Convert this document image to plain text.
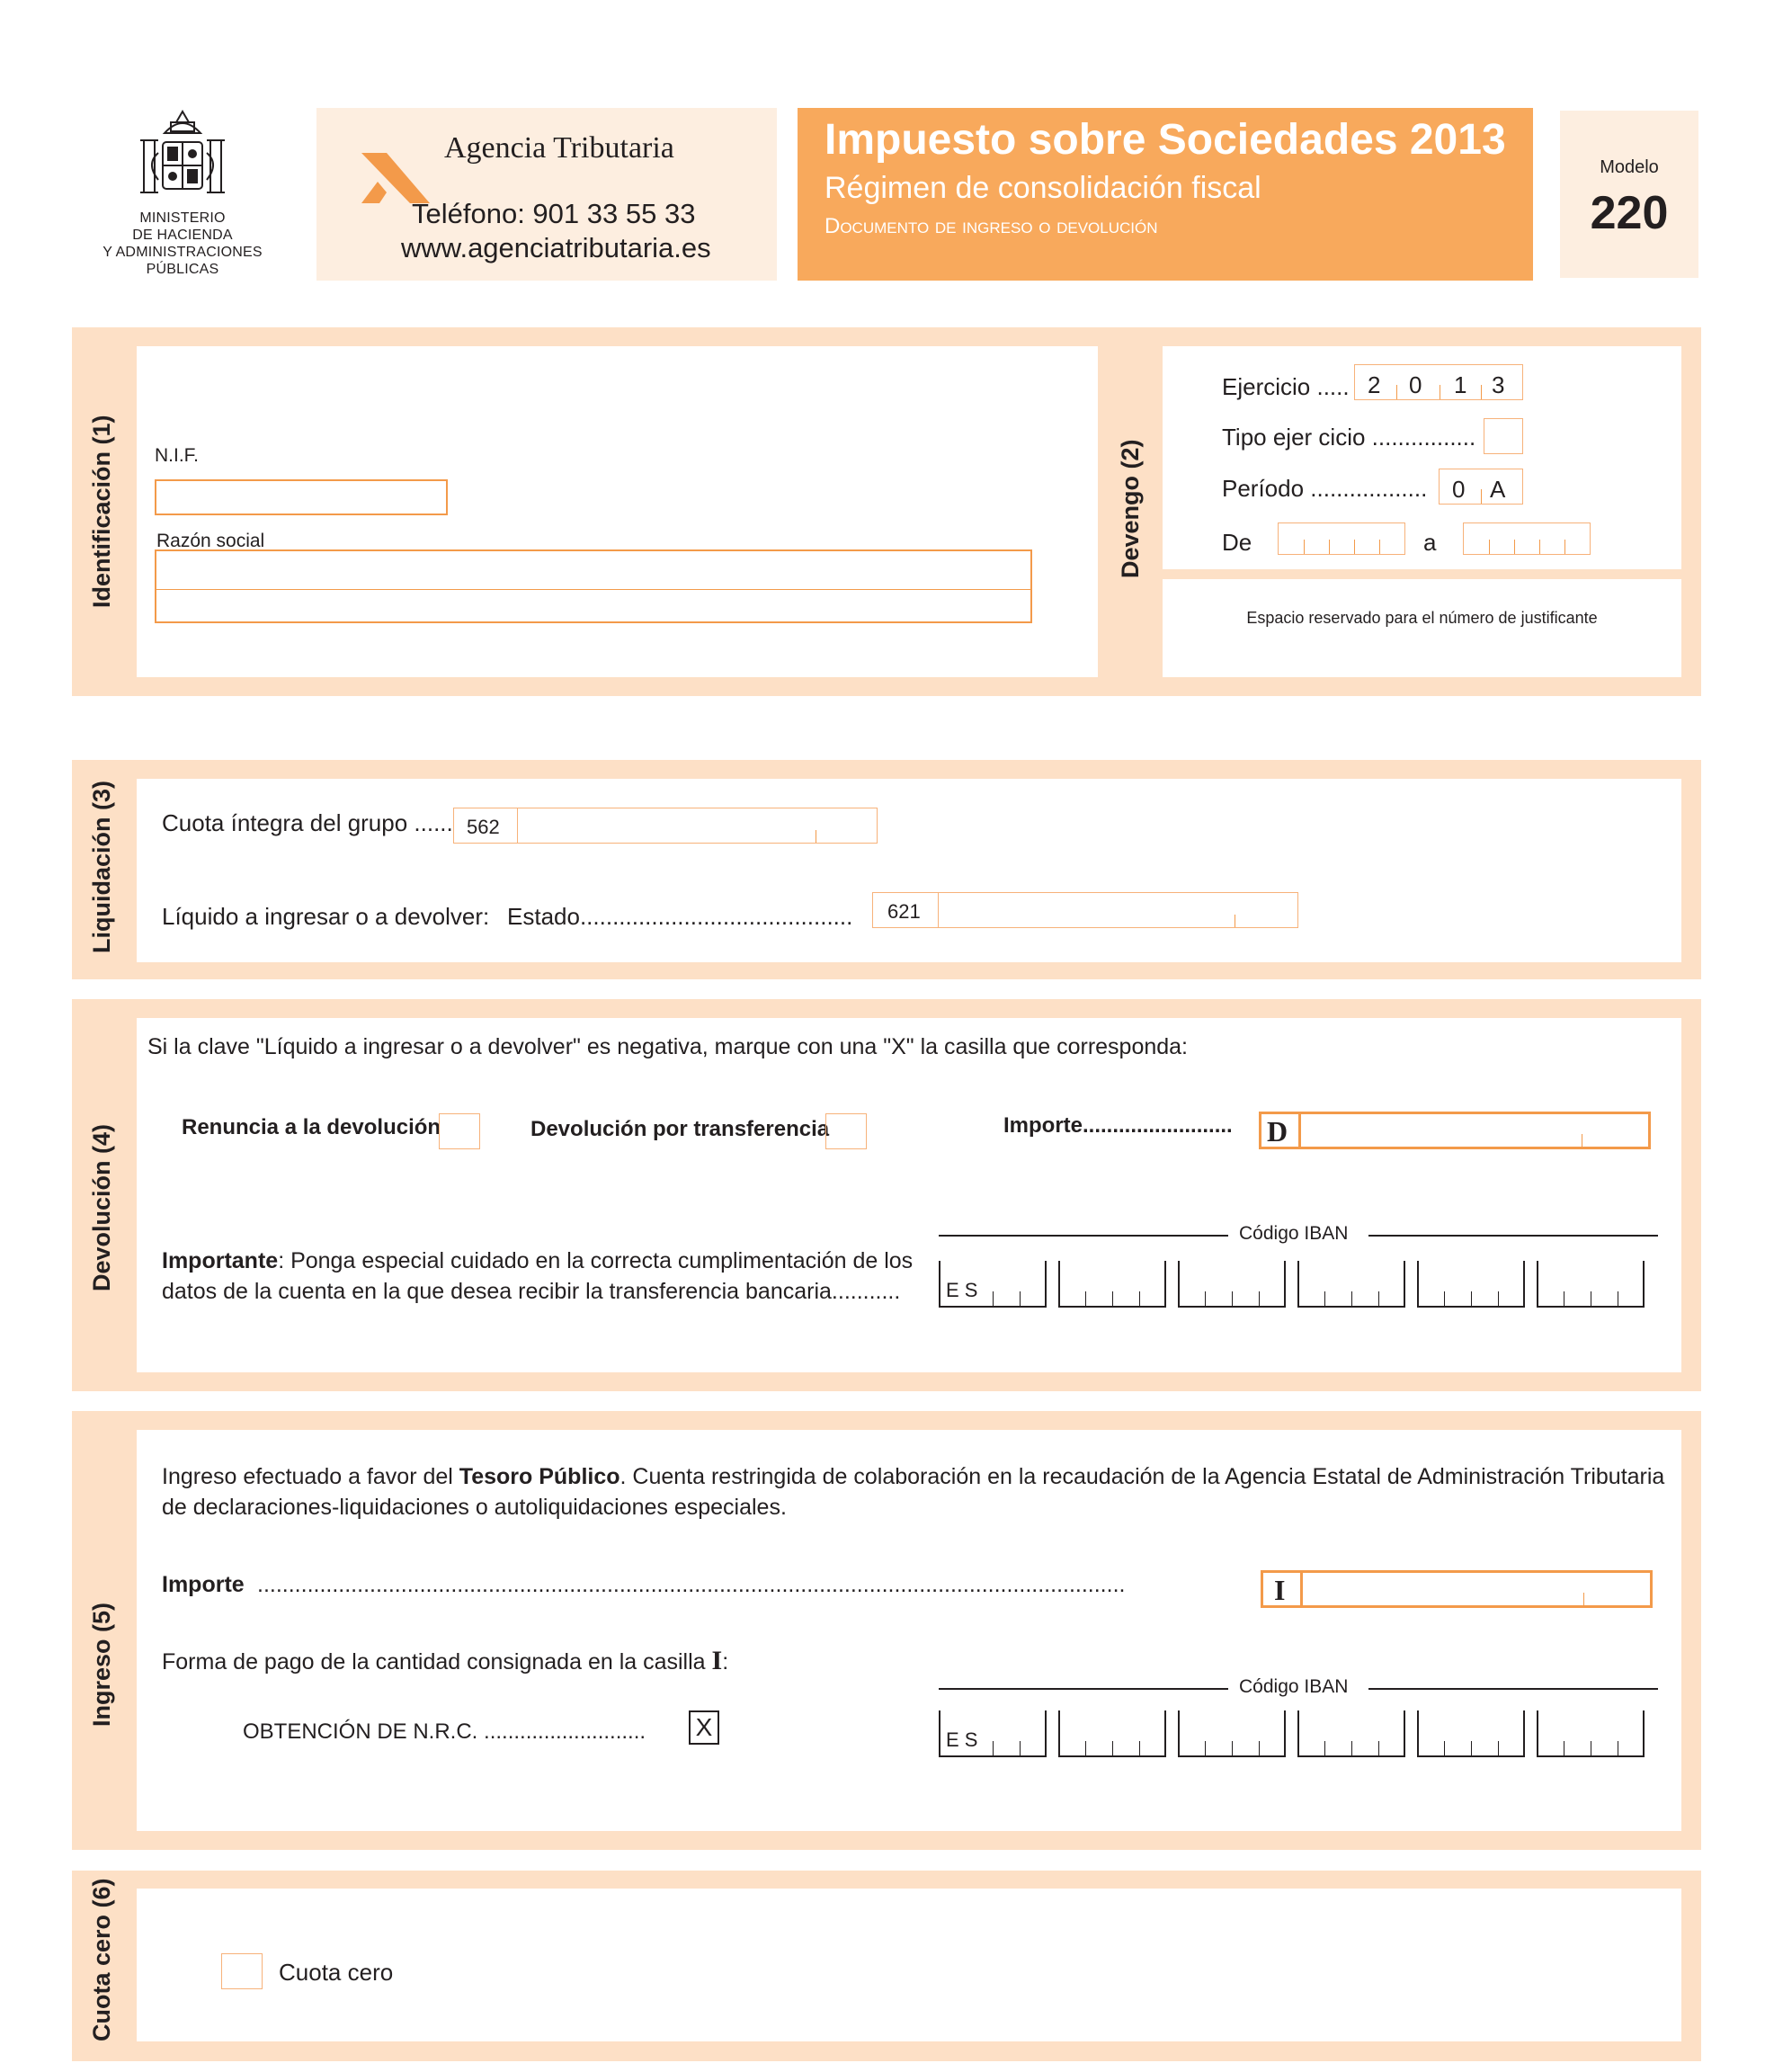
MINISTERIO
DE HACIENDA
Y ADMINISTRACIONES PÚBLICAS
Agencia Tributaria
Teléfono: 901 33 55 33
www.agenciatributaria.es
Impuesto sobre Sociedades 2013
Régimen de consolidación fiscal
Documento de ingreso o devolución
Modelo
220
Identificación (1) N.I.F.
Razón social	Devengo (2)
Ejercicio ..... 2 0 1 3
Tipo ejer cicio ................
Período .................. 0 A
De	a
Espacio reservado para el número de justificante
Liquidación (3) Cuota íntegra del grupo ...... 562
Líquido a ingresar o a devolver: Estado.......................................... 621
Devolución (4)
Si la clave "Líquido a ingresar o a devolver" es negativa, marque con una "X" la casilla que corresponda:
Renuncia a la devolución	Devolución por transferencia	Importe......................... D
Importante: Ponga especial cuidado en la correcta cumplimentación de los
datos de la cuenta en la que desea recibir la transferencia bancaria...........
Código IBAN
E S
Ingreso (5)
Ingreso efectuado a favor del Tesoro Público. Cuenta restringida de colaboración en la recaudación de la Agencia Estatal de Administración Tributaria
de declaraciones-liquidaciones o autoliquidaciones especiales.
Importe ...........................................................................................................................................	I
Forma de pago de la cantidad consignada en la casilla I:
OBTENCIÓN DE N.R.C. ........................... X
Código IBAN
E S
Cuota cero (6)	Cuota cero
